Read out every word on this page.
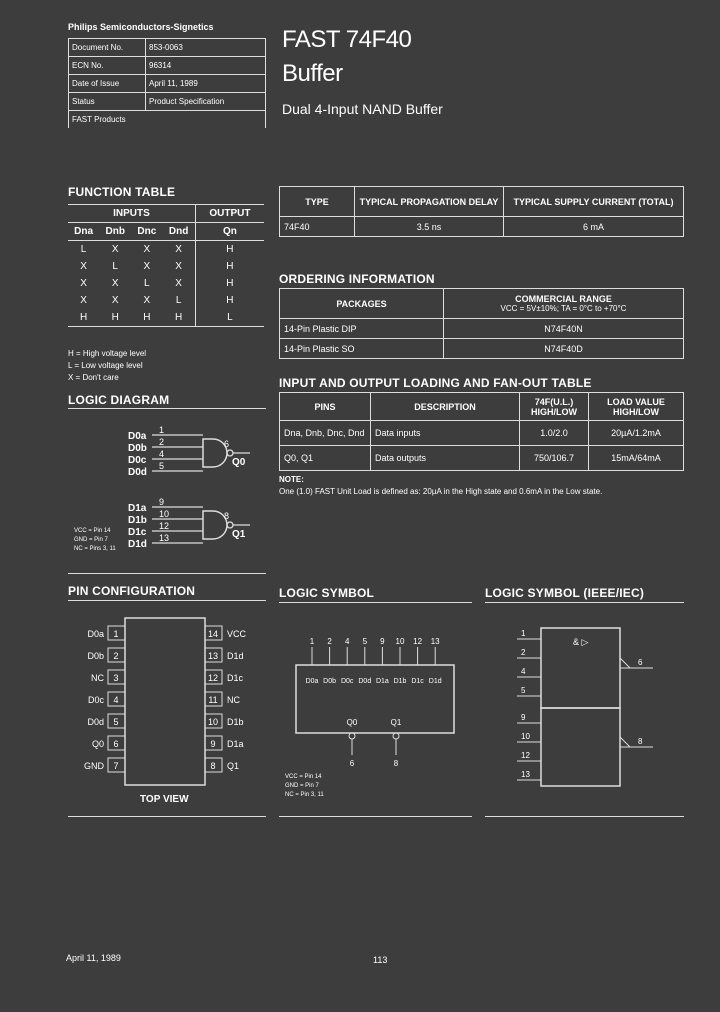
Philips Semiconductors-Signetics	FAST 74F40
Buffer
Dual 4-Input NAND Buffer
Document No.	853-0063
ECN No.	96314
Date of Issue	April 11, 1989
Status	Product Specification
FAST Products	
TYPE	TYPICAL PROPAGATION DELAY	TYPICAL SUPPLY CURRENT (TOTAL)
74F40	3.5 ns	6 mA
FUNCTION TABLE
INPUTS				OUTPUT
Dna	Dnb	Dnc	Dnd	Qn
L	X	X	X	H
X	L	X	X	H
X	X	L	X	H
X	X	X	L	H
H	H	H	H	L
H = High voltage level
L = Low voltage level
X = Don't care
ORDERING INFORMATION
PACKAGES	COMMERCIAL RANGE
VCC = 5V±10%; TA = 0°C to +70°C

14-Pin Plastic DIP	N74F40N
14-Pin Plastic SO	N74F40D
INPUT AND OUTPUT LOADING AND FAN-OUT TABLE
PINS	DESCRIPTION	74F(U.L.) HIGH/LOW	LOAD VALUE HIGH/LOW
Dna, Dnb, Dnc, Dnd	Data inputs	1.0/2.0	20µA/1.2mA
Q0, Q1	Data outputs	750/106.7	15mA/64mA
NOTE:
One (1.0) FAST Unit Load is defined as: 20µA in the High state and 0.6mA in the Low state.
LOGIC DIAGRAM
1
D0a 2
D0b 4
D0c 5
D0d
6
Q0
9
D1a 10
D1b 12
D1c 13
D1d
8
Q1
VCC = Pin 14
GND = Pin 7
NC = Pins 3, 11
PIN CONFIGURATION
1
D0a
2
D0b
3
NC
4
D0c
5
D0d
6
Q0
7
GND
14 VCC
13 D1d
12 D1c
11 NC
10 D1b
9 D1a
8 Q1
TOP VIEW
LOGIC SYMBOL
1
D0a
2
D0b
4
D0c
5
D0d
9
D1a
10
D1b
12
D1c
13
D1d
Q0
6
Q1
8
VCC = Pin 14
GND = Pin 7
NC = Pin 3, 11
LOGIC SYMBOL (IEEE/IEC)
1
2
4
5
9
10
12
13
& ▷
6
8
April 11, 1989	113
